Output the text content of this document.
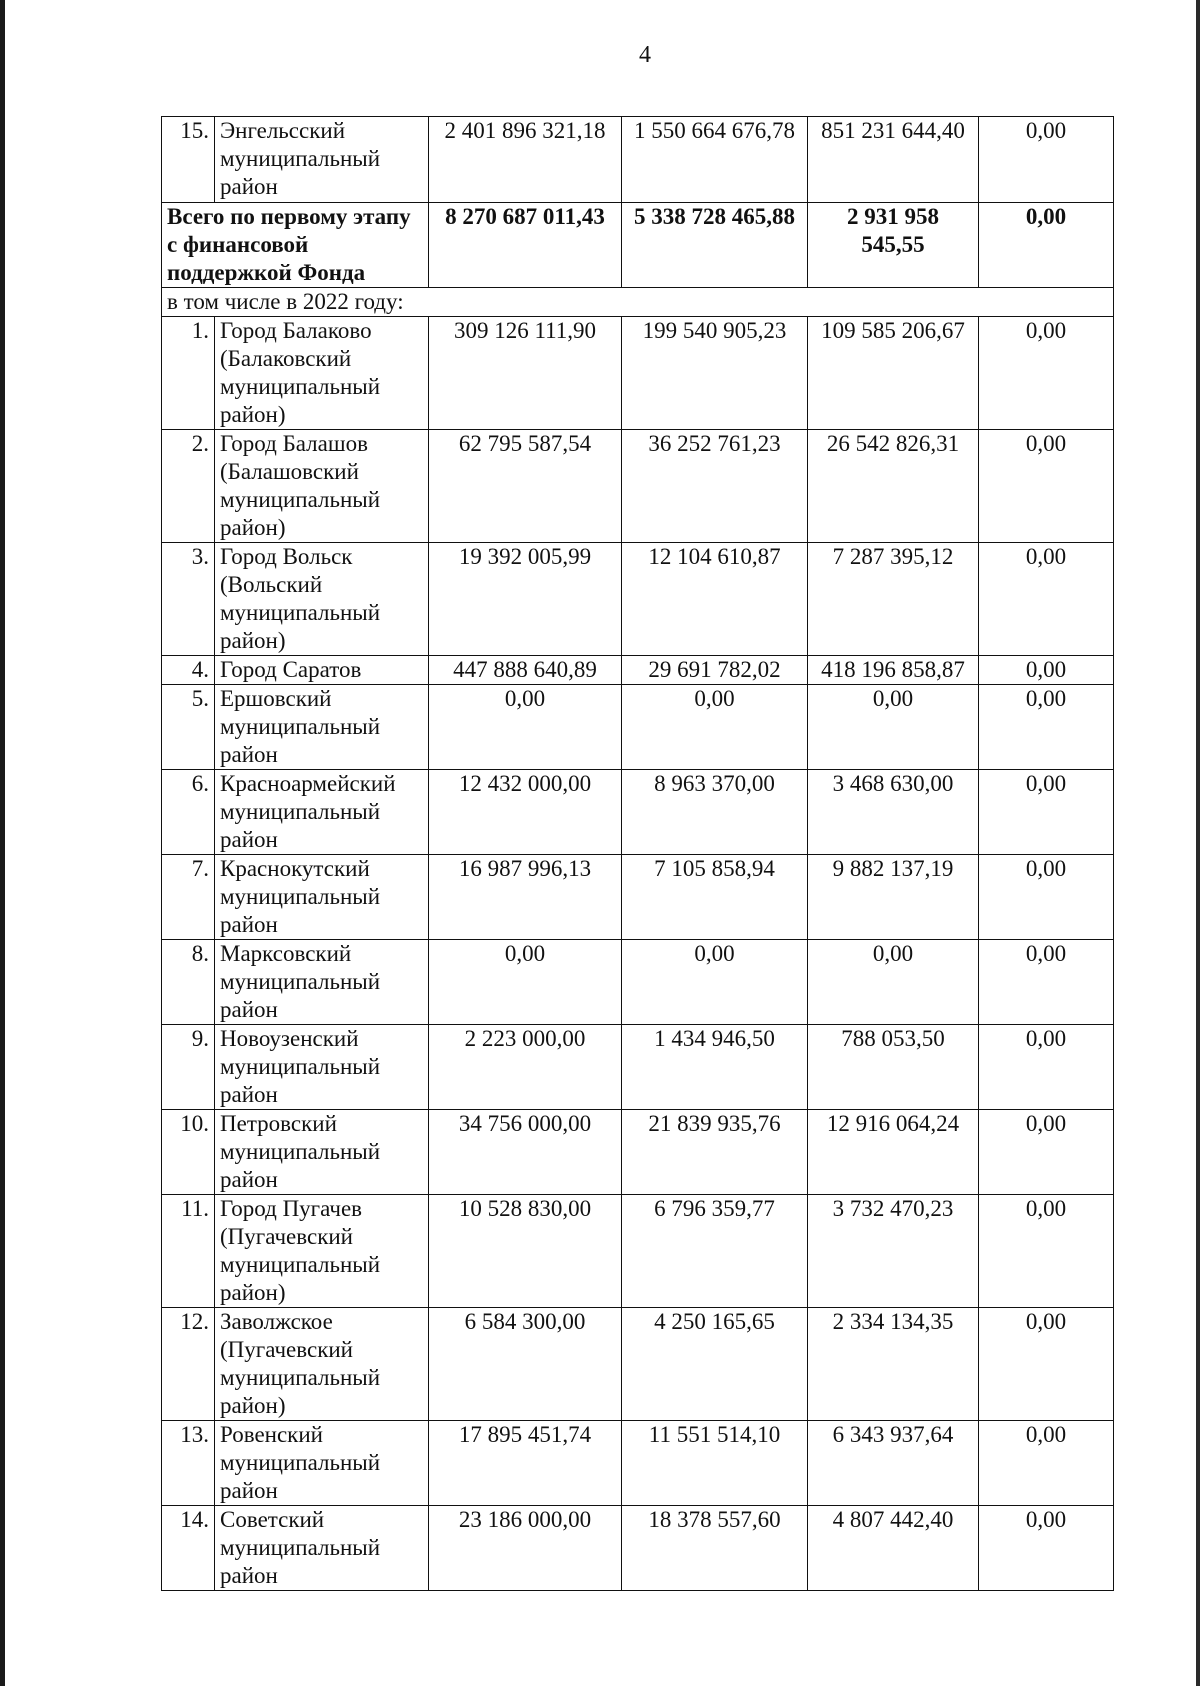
4
15.	Энгельсский муниципальный район	2 401 896 321,18	1 550 664 676,78	851 231 644,40	0,00
Всего по первому этапу с финансовой поддержкой Фонда		8 270 687 011,43	5 338 728 465,88	2 931 958 545,55	0,00
в том числе в 2022 году:					
1.	Город Балаково (Балаковский муниципальный район)	309 126 111,90	199 540 905,23	109 585 206,67	0,00
2.	Город Балашов (Балашовский муниципальный район)	62 795 587,54	36 252 761,23	26 542 826,31	0,00
3.	Город Вольск (Вольский муниципальный район)	19 392 005,99	12 104 610,87	7 287 395,12	0,00
4.	Город Саратов	447 888 640,89	29 691 782,02	418 196 858,87	0,00
5.	Ершовский муниципальный район	0,00	0,00	0,00	0,00
6.	Красноармейский муниципальный район	12 432 000,00	8 963 370,00	3 468 630,00	0,00
7.	Краснокутский муниципальный район	16 987 996,13	7 105 858,94	9 882 137,19	0,00
8.	Марксовский муниципальный район	0,00	0,00	0,00	0,00
9.	Новоузенский муниципальный район	2 223 000,00	1 434 946,50	788 053,50	0,00
10.	Петровский муниципальный район	34 756 000,00	21 839 935,76	12 916 064,24	0,00
11.	Город Пугачев (Пугачевский муниципальный район)	10 528 830,00	6 796 359,77	3 732 470,23	0,00
12.	Заволжское (Пугачевский муниципальный район)	6 584 300,00	4 250 165,65	2 334 134,35	0,00
13.	Ровенский муниципальный район	17 895 451,74	11 551 514,10	6 343 937,64	0,00
14.	Советский муниципальный район	23 186 000,00	18 378 557,60	4 807 442,40	0,00
